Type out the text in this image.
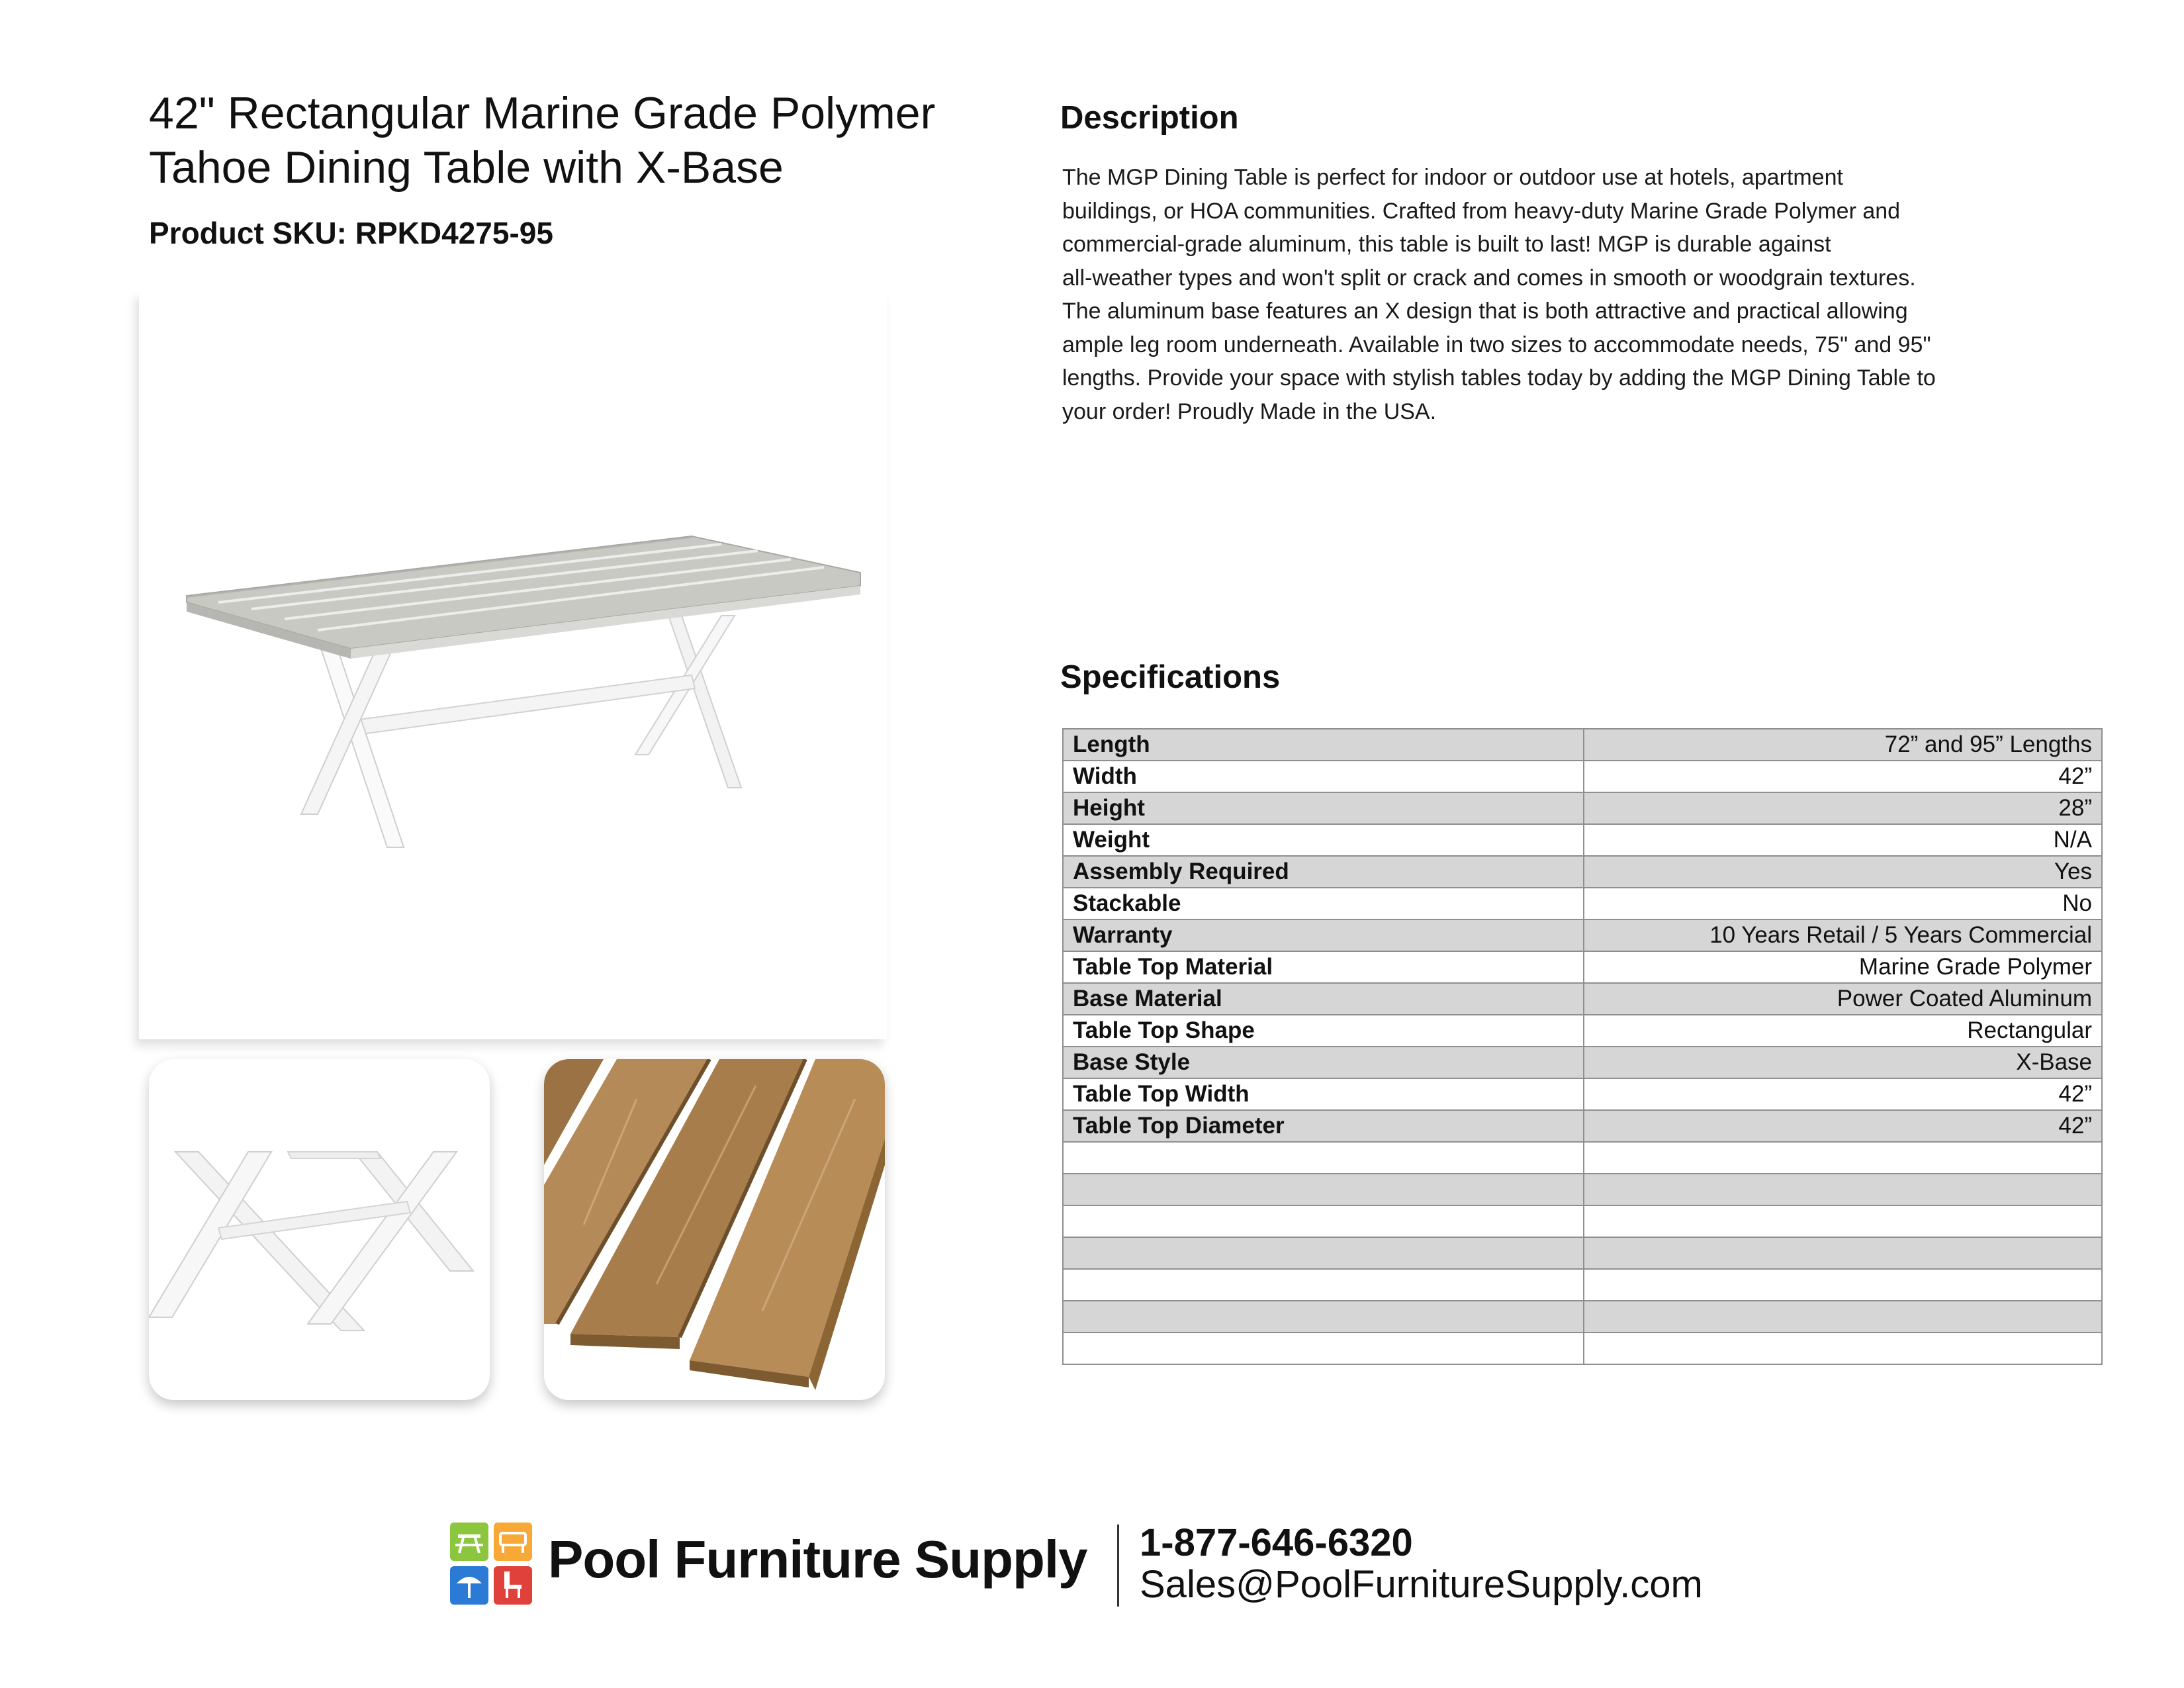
42" Rectangular Marine Grade Polymer
Tahoe Dining Table with X-Base
Product SKU: RPKD4275-95
Description

The MGP Dining Table is perfect for indoor or outdoor use at hotels, apartment
buildings, or HOA communities. Crafted from heavy-duty Marine Grade Polymer and
commercial-grade aluminum, this table is built to last! MGP is durable against
all-weather types and won't split or crack and comes in smooth or woodgrain textures.
The aluminum base features an X design that is both attractive and practical allowing
ample leg room underneath. Available in two sizes to accommodate needs, 75" and 95"
lengths. Provide your space with stylish tables today by adding the MGP Dining Table to
your order! Proudly Made in the USA.

Specifications
Length	72” and 95” Lengths
Width	42”
Height	28”
Weight	N/A
Assembly Required	Yes
Stackable	No
Warranty	10 Years Retail / 5 Years Commercial
Table Top Material	Marine Grade Polymer
Base Material	Power Coated Aluminum
Table Top Shape	Rectangular
Base Style	X-Base
Table Top Width	42”
Table Top Diameter	42”

Pool Furniture Supply 1-877-646-6320
Sales@PoolFurnitureSupply.com
